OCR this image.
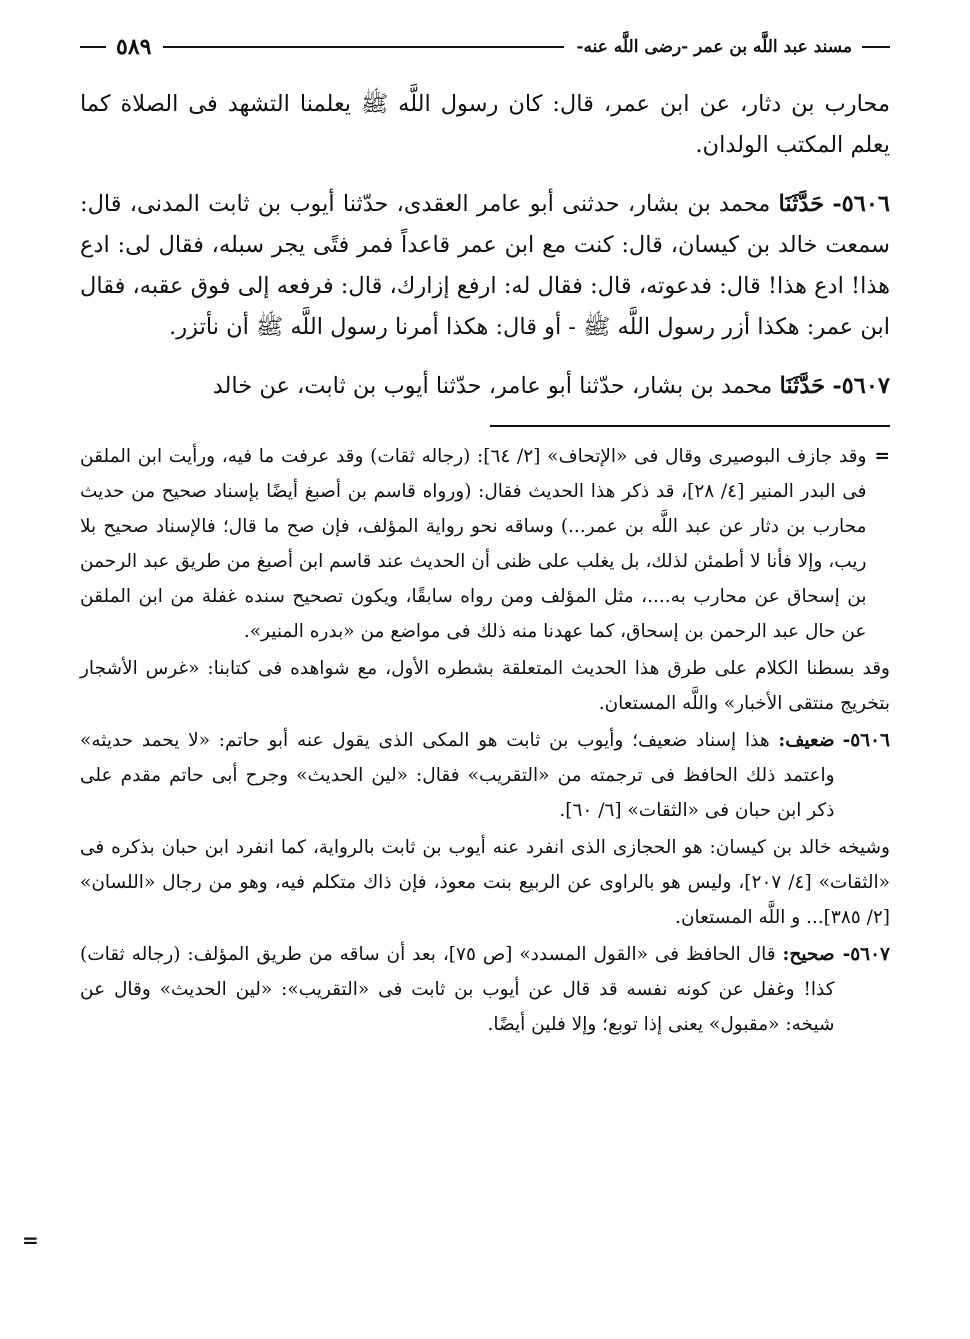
مسند عبد اللَّه بن عمر -رضى اللَّه عنه-
٥٨٩

محارب بن دثار، عن ابن عمر، قال: كان رسول اللَّه ﷺ يعلمنا التشهد فى الصلاة كما يعلم المكتب الولدان.

٥٦٠٦- حَدَّثَنَا محمد بن بشار، حدثنى أبو عامر العقدى، حدّثنا أيوب بن ثابت المدنى، قال: سمعت خالد بن كيسان، قال: كنت مع ابن عمر قاعداً فمر فتًى يجر سبله، فقال لى: ادع هذا! ادع هذا! قال: فدعوته، قال: فقال له: ارفع إزارك، قال: فرفعه إلى فوق عقبه، فقال ابن عمر: هكذا أزر رسول اللَّه ﷺ - أو قال: هكذا أمرنا رسول اللَّه ﷺ أن نأتزر.

٥٦٠٧- حَدَّثَنَا محمد بن بشار، حدّثنا أبو عامر، حدّثنا أيوب بن ثابت، عن خالد

=
وقد جازف البوصيرى وقال فى «الإتحاف» [٢/ ٦٤]: (رجاله ثقات) وقد عرفت ما فيه، ورأيت ابن الملقن فى البدر المنير [٤/ ٢٨]، قد ذكر هذا الحديث فقال: (ورواه قاسم بن أصبغ أيضًا بإسناد صحيح من حديث محارب بن دثار عن عبد اللَّه بن عمر...) وساقه نحو رواية المؤلف، فإن صح ما قال؛ فالإسناد صحيح بلا ريب، وإلا فأنا لا أطمئن لذلك، بل يغلب على ظنى أن الحديث عند قاسم ابن أصبغ من طريق عبد الرحمن بن إسحاق عن محارب به....، مثل المؤلف ومن رواه سابقًا، ويكون تصحيح سنده غفلة من ابن الملقن عن حال عبد الرحمن بن إسحاق، كما عهدنا منه ذلك فى مواضع من «بدره المنير».
وقد بسطنا الكلام على طرق هذا الحديث المتعلقة بشطره الأول، مع شواهده فى كتابنا: «غرس الأشجار بتخريج منتقى الأخبار» واللَّه المستعان.
٥٦٠٦-
ضعيف: هذا إسناد ضعيف؛ وأيوب بن ثابت هو المكى الذى يقول عنه أبو حاتم: «لا يحمد حديثه» واعتمد ذلك الحافظ فى ترجمته من «التقريب» فقال: «لين الحديث» وجرح أبى حاتم مقدم على ذكر ابن حبان فى «الثقات» [٦/ ٦٠].
وشيخه خالد بن كيسان: هو الحجازى الذى انفرد عنه أيوب بن ثابت بالرواية، كما انفرد ابن حبان بذكره فى «الثقات» [٤/ ٢٠٧]، وليس هو بالراوى عن الربيع بنت معوذ، فإن ذاك متكلم فيه، وهو من رجال «اللسان» [٢/ ٣٨٥]... و اللَّه المستعان.
٥٦٠٧-
صحيح: قال الحافظ فى «القول المسدد» [ص ٧٥]، بعد أن ساقه من طريق المؤلف: (رجاله ثقات) كذا! وغفل عن كونه نفسه قد قال عن أيوب بن ثابت فى «التقريب»: «لين الحديث» وقال عن شيخه: «مقبول» يعنى إذا توبع؛ وإلا فلين أيضًا.
=
